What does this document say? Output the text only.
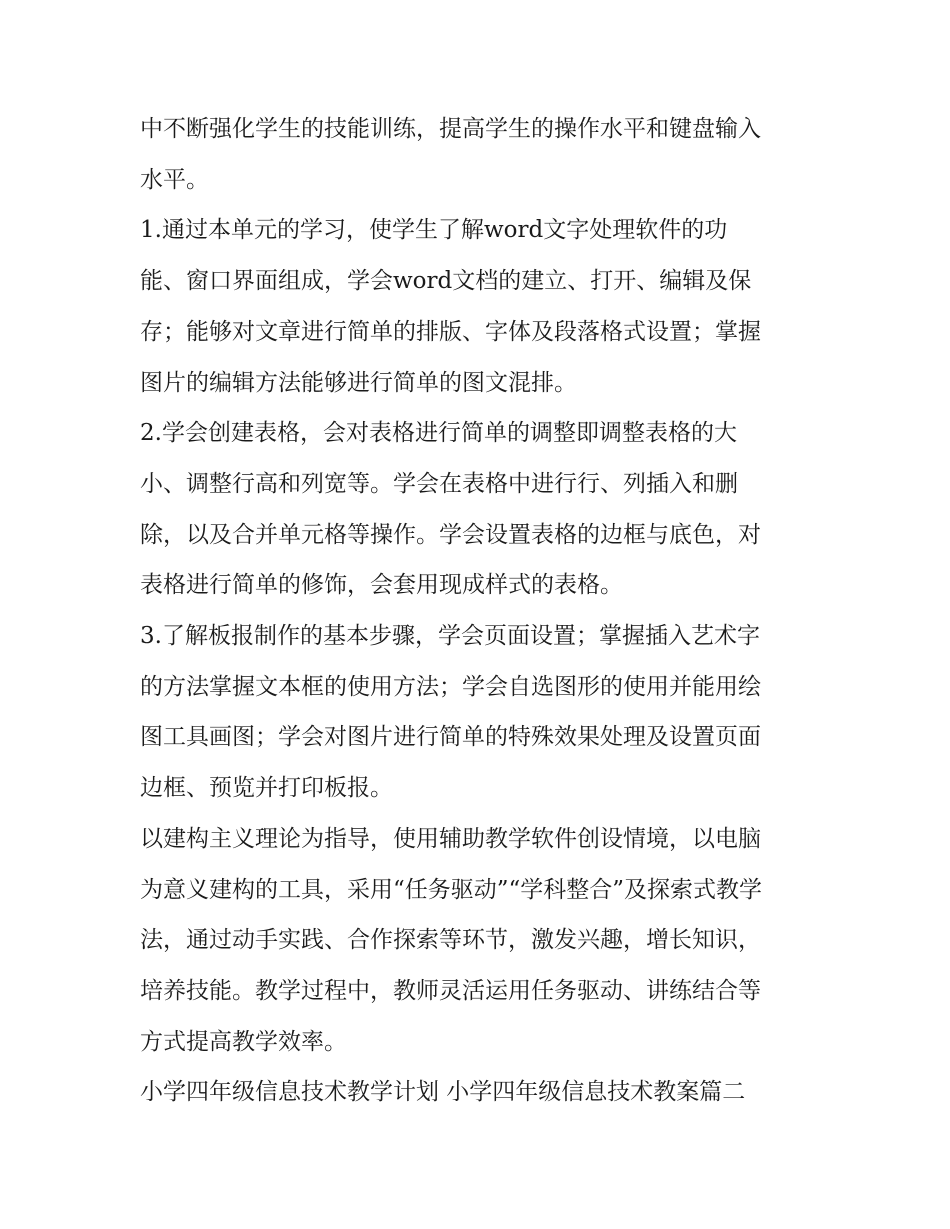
中不断强化学生的技能训练，提高学生的操作水平和键盘输入
水平。

1.通过本单元的学习，使学生了解word文字处理软件的功
能、窗口界面组成，学会word文档的建立、打开、编辑及保
存；能够对文章进行简单的排版、字体及段落格式设置；掌握
图片的编辑方法能够进行简单的图文混排。

2.学会创建表格，会对表格进行简单的调整即调整表格的大
小、调整行高和列宽等。学会在表格中进行行、列插入和删
除，以及合并单元格等操作。学会设置表格的边框与底色，对
表格进行简单的修饰，会套用现成样式的表格。

3.了解板报制作的基本步骤，学会页面设置；掌握插入艺术字
的方法掌握文本框的使用方法；学会自选图形的使用并能用绘
图工具画图；学会对图片进行简单的特殊效果处理及设置页面
边框、预览并打印板报。

以建构主义理论为指导，使用辅助教学软件创设情境，以电脑
为意义建构的工具，采用“任务驱动”“学科整合”及探索式教学
法，通过动手实践、合作探索等环节，激发兴趣，增长知识，
培养技能。教学过程中，教师灵活运用任务驱动、讲练结合等
方式提高教学效率。

小学四年级信息技术教学计划 小学四年级信息技术教案篇二
